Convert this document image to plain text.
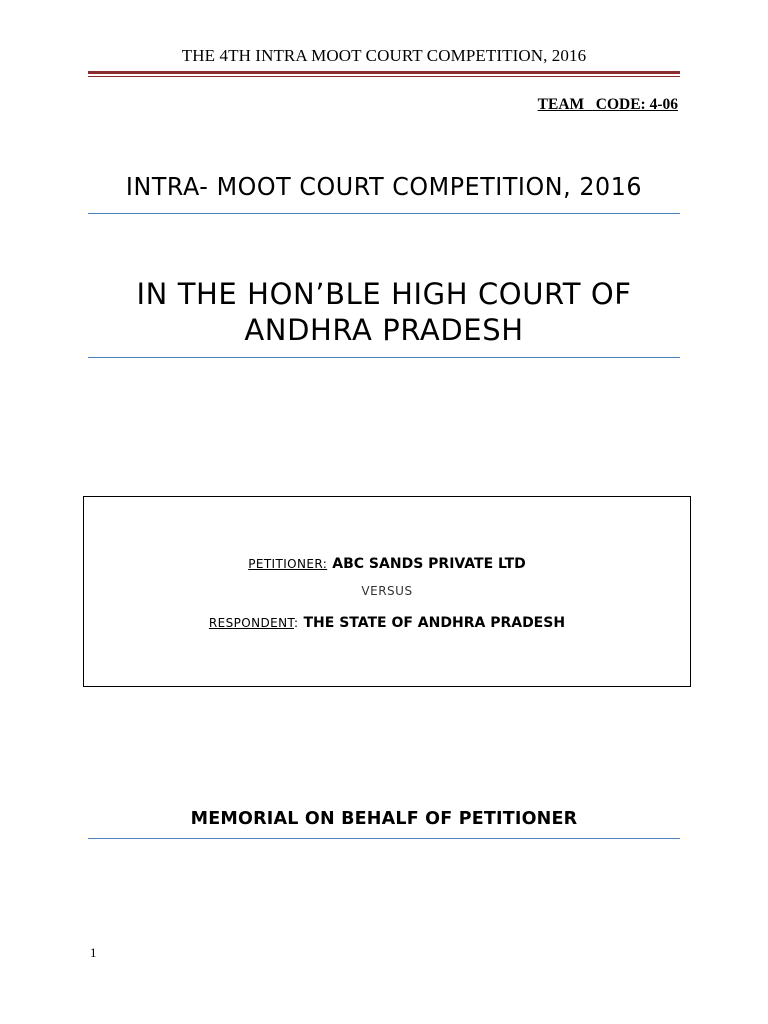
THE 4TH INTRA MOOT COURT COMPETITION, 2016
TEAM   CODE: 4-06
INTRA- MOOT COURT COMPETITION, 2016
IN THE HON’BLE HIGH COURT OF
ANDHRA PRADESH
PETITIONER: ABC SANDS PRIVATE LTD
VERSUS
RESPONDENT: THE STATE OF ANDHRA PRADESH
MEMORIAL ON BEHALF OF PETITIONER
1
